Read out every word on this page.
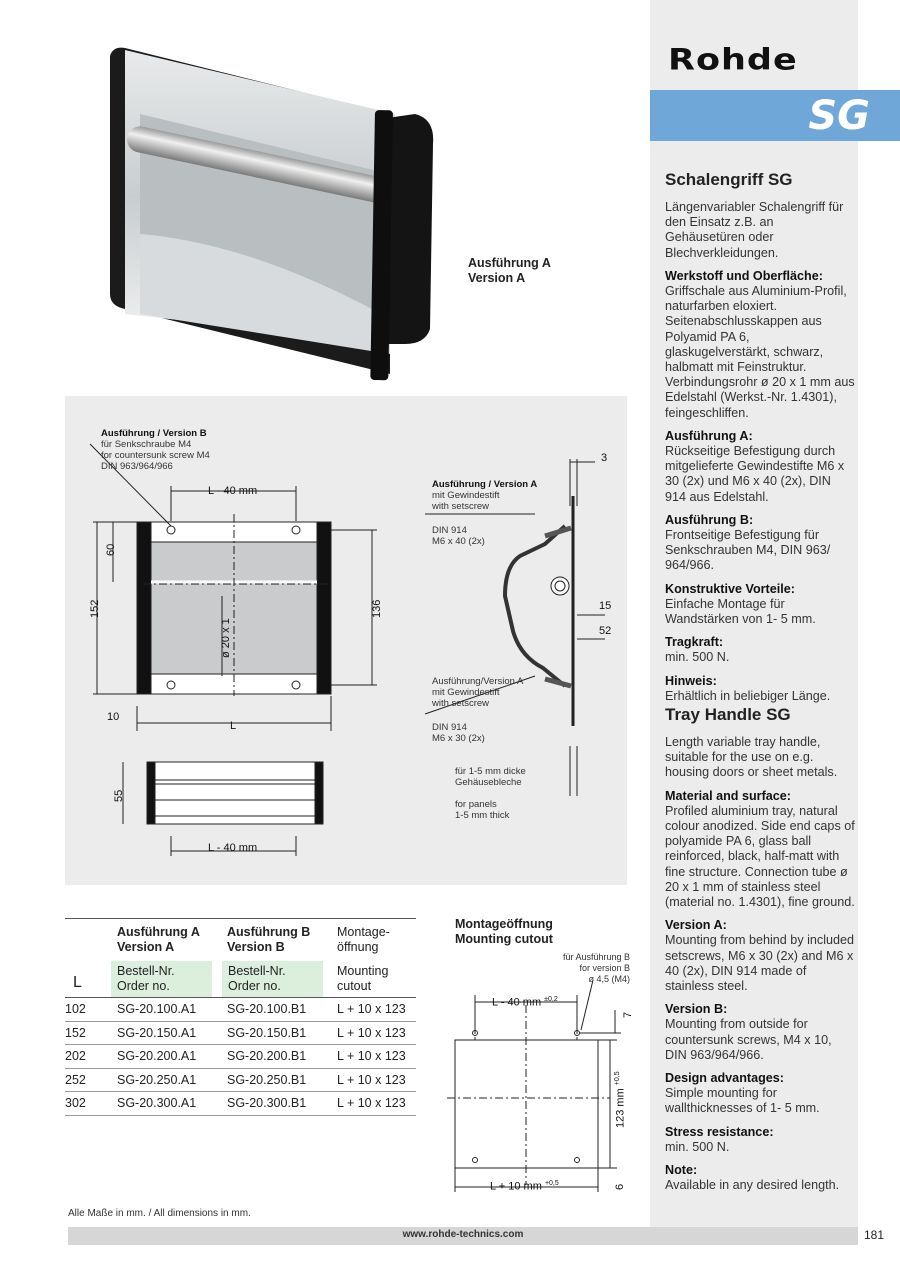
Rohde
SG
Schalengriff SG

Längenvariabler Schalengriff für den Einsatz z.B. an Gehäusetüren oder Blechverkleidungen.

Werkstoff und Oberfläche:
Griffschale aus Aluminium-Profil, naturfarben eloxiert. Seitenabschlusskappen aus Polyamid PA 6, glaskugelverstärkt, schwarz, halbmatt mit Feinstruktur. Verbindungsrohr ø 20 x 1 mm aus Edelstahl (Werkst.-Nr. 1.4301), feingeschliffen.

Ausführung A:
Rückseitige Befestigung durch mitgelieferte Gewindestifte M6 x 30 (2x) und M6 x 40 (2x), DIN 914 aus Edelstahl.

Ausführung B:
Frontseitige Befestigung für Senkschrauben M4, DIN 963/ 964/966.

Konstruktive Vorteile:
Einfache Montage für Wandstärken von 1- 5 mm.

Tragkraft:
min. 500 N.

Hinweis:
Erhältlich in beliebiger Länge.

Tray Handle SG

Length variable tray handle, suitable for the use on e.g. housing doors or sheet metals.

Material and surface:
Profiled aluminium tray, natural colour anodized. Side end caps of polyamide PA 6, glass ball reinforced, black, half-matt with fine structure. Connection tube ø 20 x 1 mm of stainless steel (material no. 1.4301), fine ground.

Version A:
Mounting from behind by included setscrews, M6 x 30 (2x) and M6 x 40 (2x), DIN 914 made of stainless steel.

Version B:
Mounting from outside for countersunk screws, M4 x 10, DIN 963/964/966.

Design advantages:
Simple mounting for wallthicknesses of 1- 5 mm.

Stress resistance:
min. 500 N.

Note:
Available in any desired length.

Ausführung A
Version A
Ausführung / Version B
für Senkschraube M4
for countersunk screw M4
DIN 963/964/966
Ausführung / Version A
mit Gewindestift
with setscrew
DIN 914
M6 x 40 (2x)
Ausführung/Version A
mit Gewindestift
with setscrew
DIN 914
M6 x 30 (2x)
für 1-5 mm dicke
Gehäusebleche
for panels
1-5 mm thick
L - 40 mm
60
152	136
ø 20 x 1
10
L
55
L - 40 mm
3
15
52
Ausführung A
Version A
Ausführung B
Version B
Montage-
öffnung
Bestell-Nr.
Order no.
Bestell-Nr.
Order no.
Mounting
cutout
L
102 SG-20.100.A1 SG-20.100.B1 L + 10 x 123
152 SG-20.150.A1 SG-20.150.B1 L + 10 x 123
202 SG-20.200.A1 SG-20.200.B1 L + 10 x 123
252 SG-20.250.A1 SG-20.250.B1 L + 10 x 123
302 SG-20.300.A1 SG-20.300.B1 L + 10 x 123
Montageöffnung
Mounting cutout
für Ausführung B
for version B
ø 4,5 (M4)
L - 40 mm $^{\pm 0,2}$
7
123 mm $^{+0,5}$
L + 10 mm $^{+0,5}$	6
Alle Maße in mm. / All dimensions in mm.
www.rohde-technics.com	181
